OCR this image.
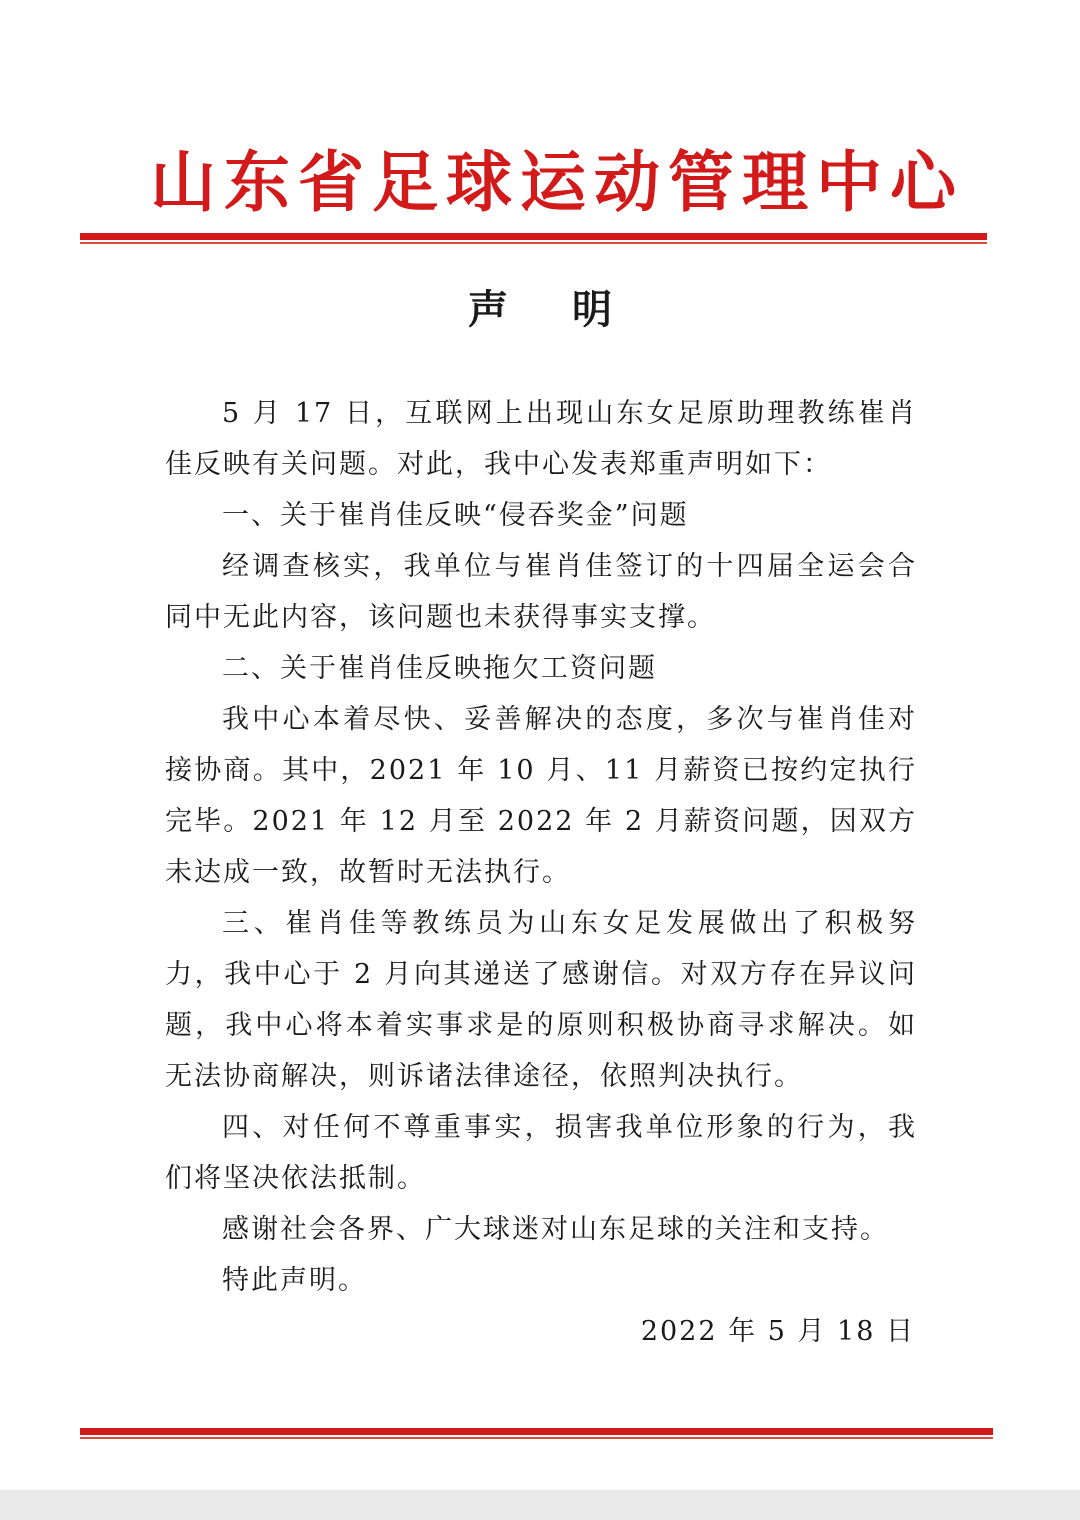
山东省足球运动管理中心
声明

5 月 17 日，互联网上出现山东女足原助理教练崔肖佳反映有关问题。对此，我中心发表郑重声明如下：

一、关于崔肖佳反映“侵吞奖金”问题

经调查核实，我单位与崔肖佳签订的十四届全运会合同中无此内容，该问题也未获得事实支撑。

二、关于崔肖佳反映拖欠工资问题

我中心本着尽快、妥善解决的态度，多次与崔肖佳对接协商。其中，2021 年 10 月、11 月薪资已按约定执行完毕。2021 年 12 月至 2022 年 2 月薪资问题，因双方未达成一致，故暂时无法执行。

三、崔肖佳等教练员为山东女足发展做出了积极努力，我中心于 2 月向其递送了感谢信。对双方存在异议问题，我中心将本着实事求是的原则积极协商寻求解决。如无法协商解决，则诉诸法律途径，依照判决执行。

四、对任何不尊重事实，损害我单位形象的行为，我们将坚决依法抵制。

感谢社会各界、广大球迷对山东足球的关注和支持。

特此声明。

2022 年 5 月 18 日
